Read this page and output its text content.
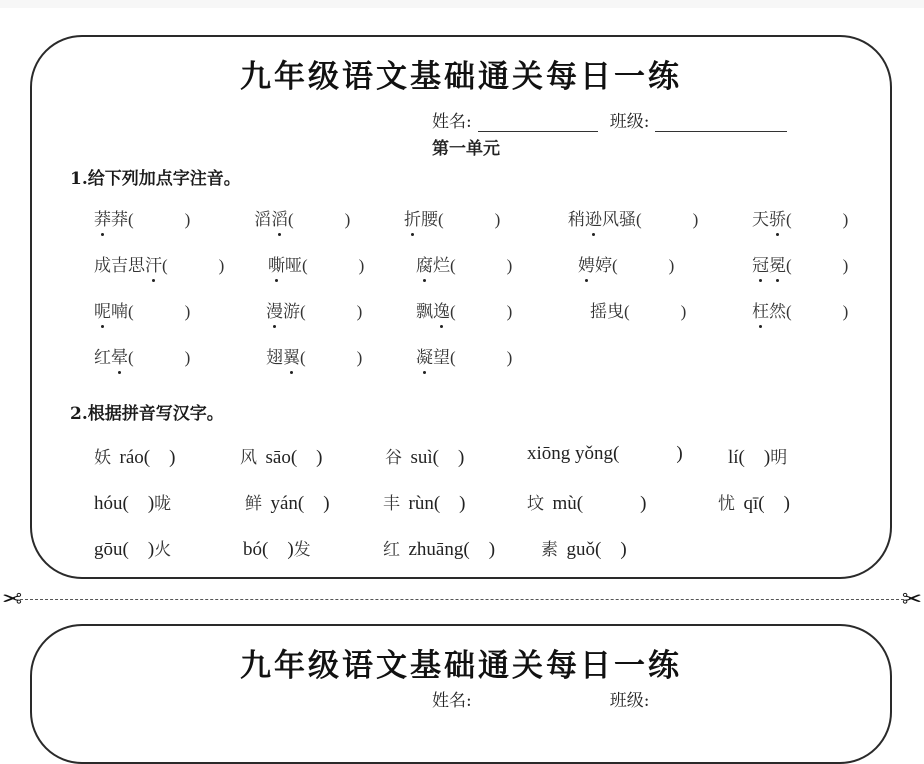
九年级语文基础通关每日一练
姓名:	班级:
第一单元
1.给下列加点字注音。
莽莽(   )	滔滔(   )	折腰(   )	稍逊风骚(   )	天骄(   )
成吉思汗(   )	嘶哑(   )	腐烂(   )	娉婷(   )	冠冕(   )
呢喃(   )	漫游(   )	飘逸(   )	摇曳(   )	枉然(   )
红晕(   )	翅翼(   )	凝望(   )
2.根据拼音写汉字。
妖 ráo(  )	风 sāo(  )	谷 suì(  )	xiōng yǒng(   ) lí(  )明
hóu(  )咙	鲜 yán(  )	丰 rùn(  )	坟 mù(   )	忧 qī(  )
gōu(  )火	bó(  )发	红 zhuāng(  )	素 guǒ(  )
✂	✂
九年级语文基础通关每日一练
姓名:	班级:
